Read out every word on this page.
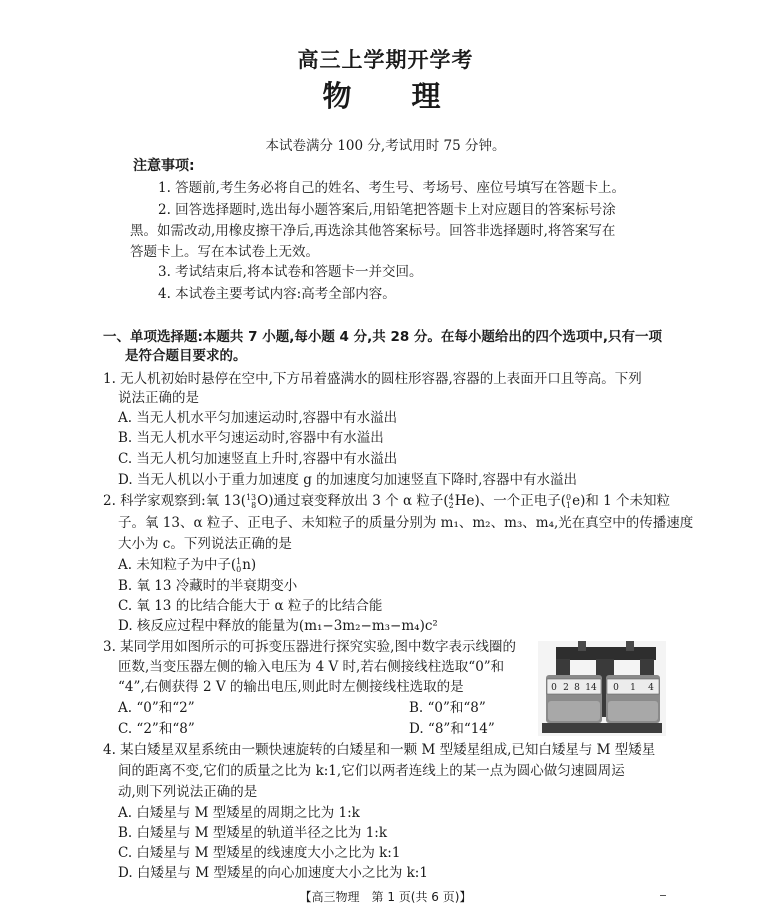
高三上学期开学考
物 理
本试卷满分 100 分,考试用时 75 分钟。
注意事项:
1. 答题前,考生务必将自己的姓名、考生号、考场号、座位号填写在答题卡上。
2. 回答选择题时,选出每小题答案后,用铅笔把答题卡上对应题目的答案标号涂
黑。如需改动,用橡皮擦干净后,再选涂其他答案标号。回答非选择题时,将答案写在
答题卡上。写在本试卷上无效。
3. 考试结束后,将本试卷和答题卡一并交回。
4. 本试卷主要考试内容:高考全部内容。
一、单项选择题:本题共 7 小题,每小题 4 分,共 28 分。在每小题给出的四个选项中,只有一项
是符合题目要求的。
1. 无人机初始时悬停在空中,下方吊着盛满水的圆柱形容器,容器的上表面开口且等高。下列
说法正确的是
A. 当无人机水平匀加速运动时,容器中有水溢出
B. 当无人机水平匀速运动时,容器中有水溢出
C. 当无人机匀加速竖直上升时,容器中有水溢出
D. 当无人机以小于重力加速度 g 的加速度匀加速竖直下降时,容器中有水溢出
2. 科学家观察到:氧 13( 13
8 O)通过衰变释放出 3 个 α 粒子( 4
2 He)、一个正电子( 0
1 e)和 1 个未知粒
子。氧 13、α 粒子、正电子、未知粒子的质量分别为 m₁、m₂、m₃、m₄,光在真空中的传播速度
大小为 c。下列说法正确的是
A. 未知粒子为中子( 1
0 n)
B. 氧 13 冷藏时的半衰期变小
C. 氧 13 的比结合能大于 α 粒子的比结合能
D. 核反应过程中释放的能量为(m₁−3m₂−m₃−m₄)c²
3. 某同学用如图所示的可拆变压器进行探究实验,图中数字表示线圈的
匝数,当变压器左侧的输入电压为 4 V 时,若右侧接线柱选取“0”和
“4”,右侧获得 2 V 的输出电压,则此时左侧接线柱选取的是
A. “0”和“2”	B. “0”和“8”
C. “2”和“8”	D. “8”和“14”
0 2 8 14 0 1 4
4. 某白矮星双星系统由一颗快速旋转的白矮星和一颗 M 型矮星组成,已知白矮星与 M 型矮星
间的距离不变,它们的质量之比为 k:1,它们以两者连线上的某一点为圆心做匀速圆周运
动,则下列说法正确的是
A. 白矮星与 M 型矮星的周期之比为 1:k
B. 白矮星与 M 型矮星的轨道半径之比为 1:k
C. 白矮星与 M 型矮星的线速度大小之比为 k:1
D. 白矮星与 M 型矮星的向心加速度大小之比为 k:1
【高三物理　第 1 页(共 6 页)】
